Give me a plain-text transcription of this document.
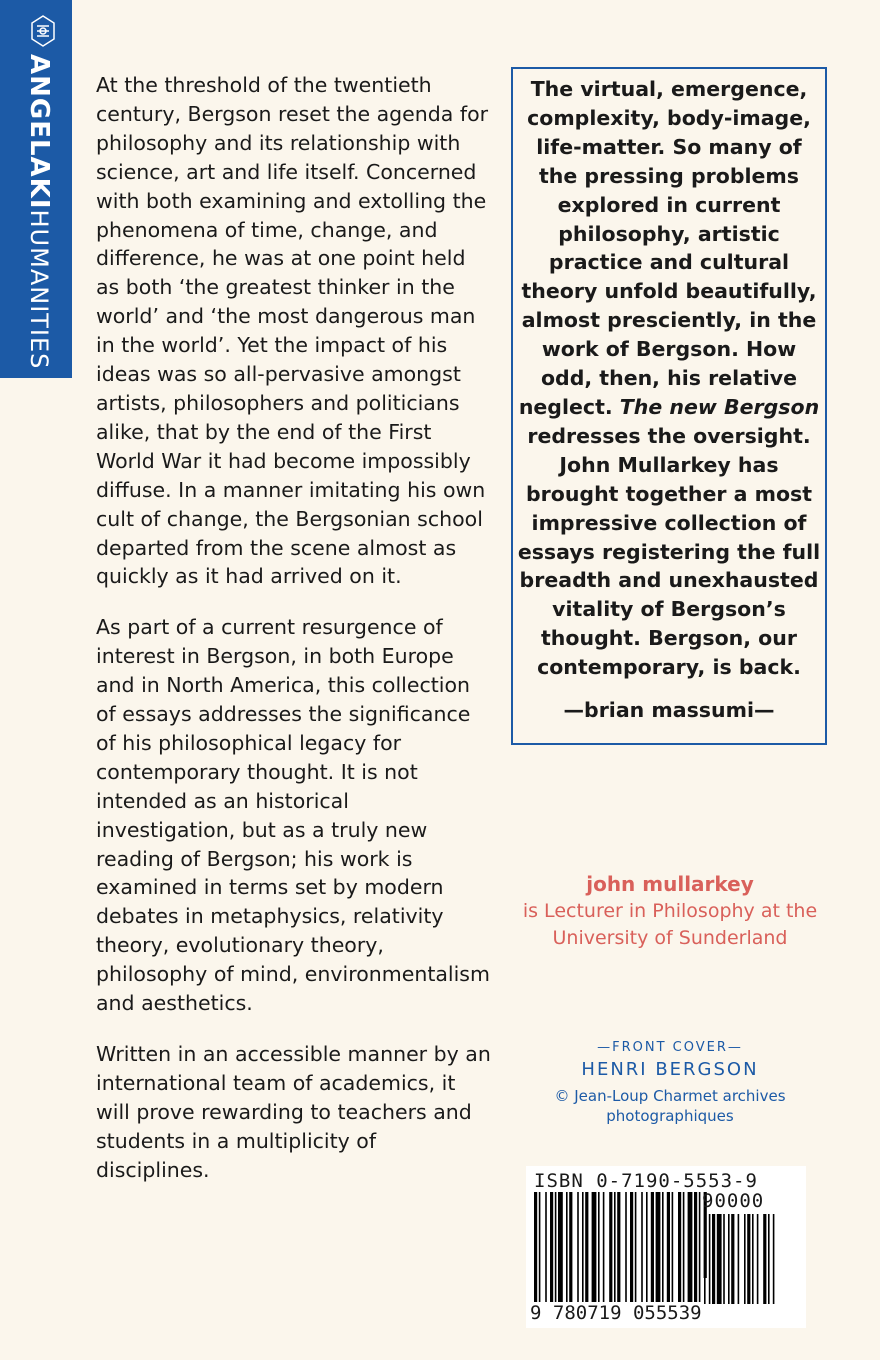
ANGELAKIHUMANITIES

At the threshold of the twentieth century, Bergson reset the agenda for philosophy and its relationship with science, art and life itself. Concerned with both examining and extolling the phenomena of time, change, and difference, he was at one point held as both ‘the greatest thinker in the world’ and ‘the most dangerous man in the world’. Yet the impact of his ideas was so all-pervasive amongst artists, philosophers and politicians alike, that by the end of the First World War it had become impossibly diffuse. In a manner imitating his own cult of change, the Bergsonian school departed from the scene almost as quickly as it had arrived on it.

As part of a current resurgence of interest in Bergson, in both Europe and in North America, this collection of essays addresses the significance of his philosophical legacy for contemporary thought. It is not intended as an historical investigation, but as a truly new reading of Bergson; his work is examined in terms set by modern debates in metaphysics, relativity theory, evolutionary theory, philosophy of mind, environmentalism and aesthetics.

Written in an accessible manner by an international team of academics, it will prove rewarding to teachers and students in a multiplicity of disciplines.

The virtual, emergence, complexity, body-image, life-matter. So many of the pressing problems explored in current philosophy, artistic practice and cultural theory unfold beautifully, almost presciently, in the work of Bergson. How odd, then, his relative neglect. The new Bergson redresses the oversight. John Mullarkey has brought together a most impressive collection of essays registering the full breadth and unexhausted vitality of Bergson’s thought. Bergson, our contemporary, is back.

—brian massumi—
john mullarkey
is Lecturer in Philosophy at the University of Sunderland
—FRONT COVER—
HENRI BERGSON
© Jean-Loup Charmet archives photographiques
ISBN 0-7190-5553-9
90000
9 780719 055539
